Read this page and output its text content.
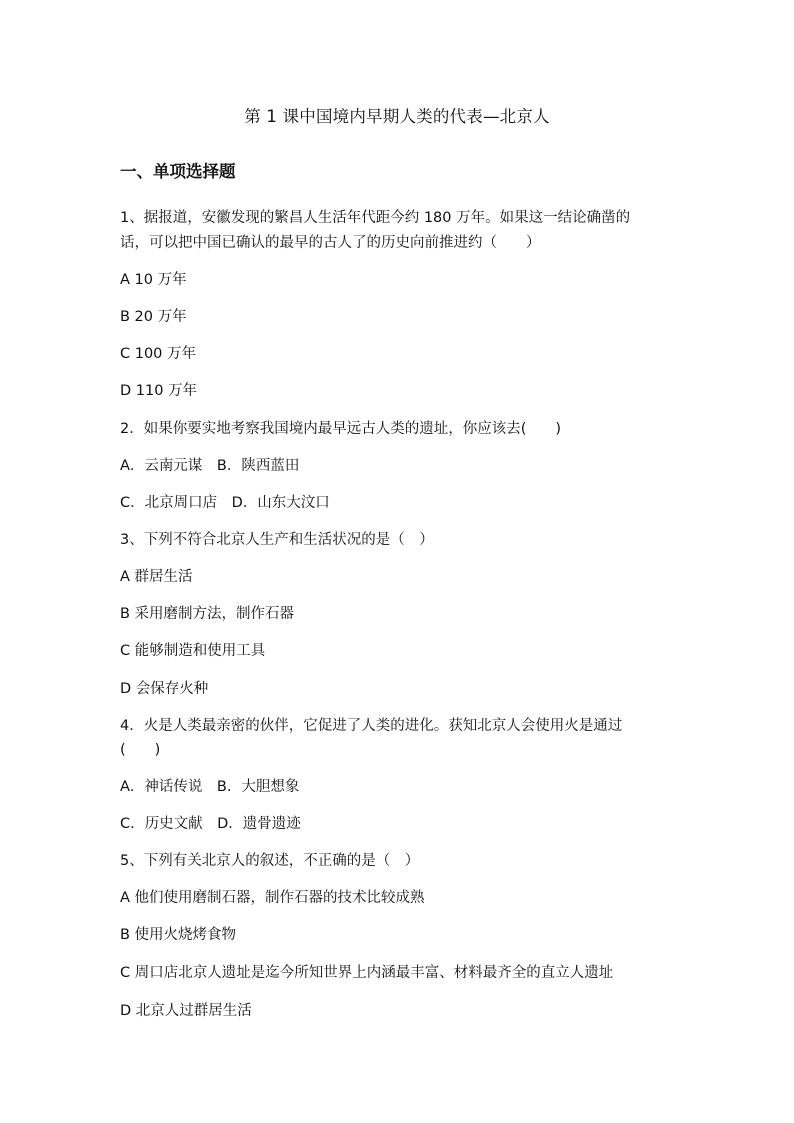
第 1 课中国境内早期人类的代表—北京人
一、单项选择题
1、据报道，安徽发现的繁昌人生活年代距今约 180 万年。如果这一结论确凿的
话，可以把中国已确认的最早的古人了的历史向前推进约（　　）
A 10 万年
B 20 万年
C 100 万年
D 110 万年
2．如果你要实地考察我国境内最早远古人类的遗址，你应该去(　　)
A．云南元谋　B．陕西蓝田
C．北京周口店　D．山东大汶口
3、下列不符合北京人生产和生活状况的是（　）
A 群居生活
B 采用磨制方法，制作石器
C 能够制造和使用工具
D 会保存火种
4．火是人类最亲密的伙伴，它促进了人类的进化。获知北京人会使用火是通过
(　　)
A．神话传说　B．大胆想象
C．历史文献　D．遗骨遗迹
5、下列有关北京人的叙述，不正确的是（　）
A 他们使用磨制石器，制作石器的技术比较成熟
B 使用火烧烤食物
C 周口店北京人遗址是迄今所知世界上内涵最丰富、材料最齐全的直立人遗址
D 北京人过群居生活
